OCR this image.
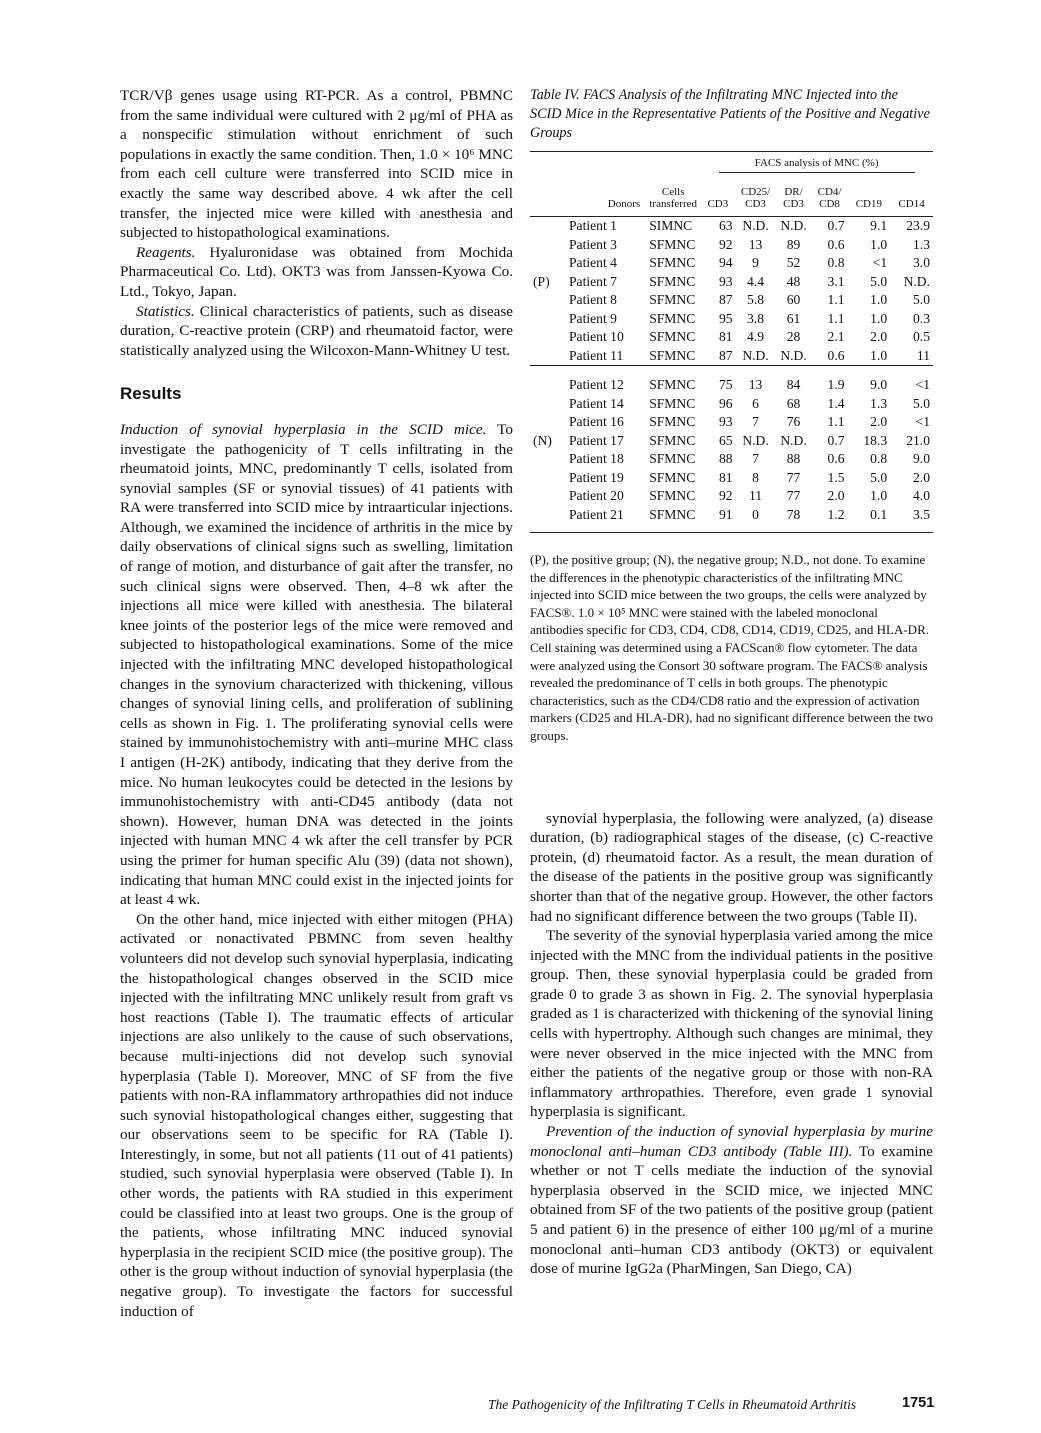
TCR/Vβ genes usage using RT-PCR. As a control, PBMNC from the same individual were cultured with 2 μg/ml of PHA as a nonspecific stimulation without enrichment of such populations in exactly the same condition. Then, 1.0 × 10⁶ MNC from each cell culture were transferred into SCID mice in exactly the same way described above. 4 wk after the cell transfer, the injected mice were killed with anesthesia and subjected to histopathological examinations.

Reagents. Hyaluronidase was obtained from Mochida Pharmaceutical Co. Ltd). OKT3 was from Janssen-Kyowa Co. Ltd., Tokyo, Japan.

Statistics. Clinical characteristics of patients, such as disease duration, C-reactive protein (CRP) and rheumatoid factor, were statistically analyzed using the Wilcoxon-Mann-Whitney U test.

Results

Induction of synovial hyperplasia in the SCID mice. To investigate the pathogenicity of T cells infiltrating in the rheumatoid joints, MNC, predominantly T cells, isolated from synovial samples (SF or synovial tissues) of 41 patients with RA were transferred into SCID mice by intraarticular injections. Although, we examined the incidence of arthritis in the mice by daily observations of clinical signs such as swelling, limitation of range of motion, and disturbance of gait after the transfer, no such clinical signs were observed. Then, 4–8 wk after the injections all mice were killed with anesthesia. The bilateral knee joints of the posterior legs of the mice were removed and subjected to histopathological examinations. Some of the mice injected with the infiltrating MNC developed histopathological changes in the synovium characterized with thickening, villous changes of synovial lining cells, and proliferation of sublining cells as shown in Fig. 1. The proliferating synovial cells were stained by immunohistochemistry with anti–murine MHC class I antigen (H-2K) antibody, indicating that they derive from the mice. No human leukocytes could be detected in the lesions by immunohistochemistry with anti-CD45 antibody (data not shown). However, human DNA was detected in the joints injected with human MNC 4 wk after the cell transfer by PCR using the primer for human specific Alu (39) (data not shown), indicating that human MNC could exist in the injected joints for at least 4 wk.

On the other hand, mice injected with either mitogen (PHA) activated or nonactivated PBMNC from seven healthy volunteers did not develop such synovial hyperplasia, indicating the histopathological changes observed in the SCID mice injected with the infiltrating MNC unlikely result from graft vs host reactions (Table I). The traumatic effects of articular injections are also unlikely to the cause of such observations, because multi-injections did not develop such synovial hyperplasia (Table I). Moreover, MNC of SF from the five patients with non-RA inflammatory arthropathies did not induce such synovial histopathological changes either, suggesting that our observations seem to be specific for RA (Table I). Interestingly, in some, but not all patients (11 out of 41 patients) studied, such synovial hyperplasia were observed (Table I). In other words, the patients with RA studied in this experiment could be classified into at least two groups. One is the group of the patients, whose infiltrating MNC induced synovial hyperplasia in the recipient SCID mice (the positive group). The other is the group without induction of synovial hyperplasia (the negative group). To investigate the factors for successful induction of

Table IV. FACS Analysis of the Infiltrating MNC Injected into the SCID Mice in the Representative Patients of the Positive and Negative Groups

			FACS analysis of MNC (%)					
	Donors	Cells transferred	CD3	CD25/ CD3	DR/ CD3	CD4/ CD8	CD19	CD14
	Patient 1	SIMNC	63	N.D.	N.D.	0.7	9.1	23.9
	Patient 3	SFMNC	92	13	89	0.6	1.0	1.3
	Patient 4	SFMNC	94	9	52	0.8	<1	3.0
(P)	Patient 7	SFMNC	93	4.4	48	3.1	5.0	N.D.
	Patient 8	SFMNC	87	5.8	60	1.1	1.0	5.0
	Patient 9	SFMNC	95	3.8	61	1.1	1.0	0.3
	Patient 10	SFMNC	81	4.9	28	2.1	2.0	0.5
	Patient 11	SFMNC	87	N.D.	N.D.	0.6	1.0	11
	Patient 12	SFMNC	75	13	84	1.9	9.0	<1
	Patient 14	SFMNC	96	6	68	1.4	1.3	5.0
	Patient 16	SFMNC	93	7	76	1.1	2.0	<1
(N)	Patient 17	SFMNC	65	N.D.	N.D.	0.7	18.3	21.0
	Patient 18	SFMNC	88	7	88	0.6	0.8	9.0
	Patient 19	SFMNC	81	8	77	1.5	5.0	2.0
	Patient 20	SFMNC	92	11	77	2.0	1.0	4.0
	Patient 21	SFMNC	91	0	78	1.2	0.1	3.5

(P), the positive group; (N), the negative group; N.D., not done. To examine the differences in the phenotypic characteristics of the infiltrating MNC injected into SCID mice between the two groups, the cells were analyzed by FACS®. 1.0 × 10⁵ MNC were stained with the labeled monoclonal antibodies specific for CD3, CD4, CD8, CD14, CD19, CD25, and HLA-DR. Cell staining was determined using a FACScan® flow cytometer. The data were analyzed using the Consort 30 software program. The FACS® analysis revealed the predominance of T cells in both groups. The phenotypic characteristics, such as the CD4/CD8 ratio and the expression of activation markers (CD25 and HLA-DR), had no significant difference between the two groups.

synovial hyperplasia, the following were analyzed, (a) disease duration, (b) radiographical stages of the disease, (c) C-reactive protein, (d) rheumatoid factor. As a result, the mean duration of the disease of the patients in the positive group was significantly shorter than that of the negative group. However, the other factors had no significant difference between the two groups (Table II).

The severity of the synovial hyperplasia varied among the mice injected with the MNC from the individual patients in the positive group. Then, these synovial hyperplasia could be graded from grade 0 to grade 3 as shown in Fig. 2. The synovial hyperplasia graded as 1 is characterized with thickening of the synovial lining cells with hypertrophy. Although such changes are minimal, they were never observed in the mice injected with the MNC from either the patients of the negative group or those with non-RA inflammatory arthropathies. Therefore, even grade 1 synovial hyperplasia is significant.

Prevention of the induction of synovial hyperplasia by murine monoclonal anti–human CD3 antibody (Table III). To examine whether or not T cells mediate the induction of the synovial hyperplasia observed in the SCID mice, we injected MNC obtained from SF of the two patients of the positive group (patient 5 and patient 6) in the presence of either 100 μg/ml of a murine monoclonal anti–human CD3 antibody (OKT3) or equivalent dose of murine IgG2a (PharMingen, San Diego, CA)

The Pathogenicity of the Infiltrating T Cells in Rheumatoid Arthritis	1751
